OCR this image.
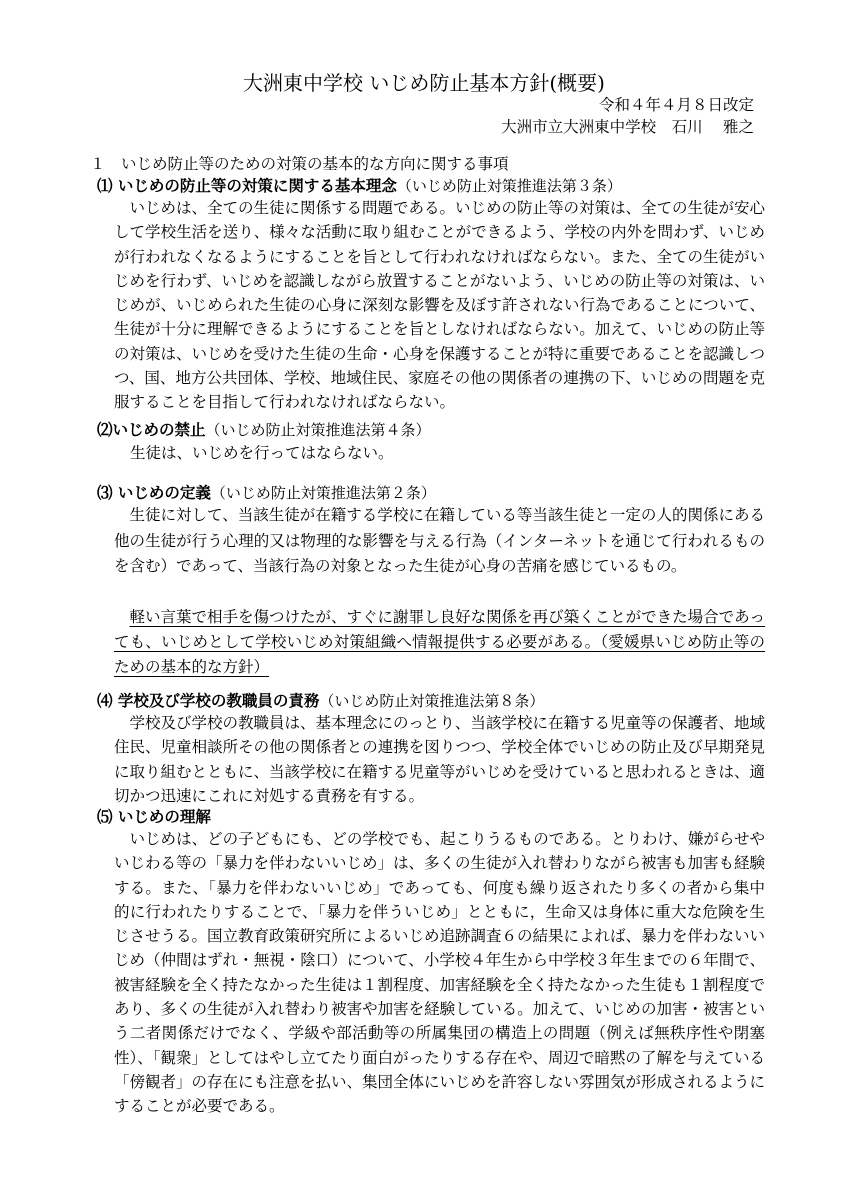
大洲東中学校 いじめ防止基本方針(概要)
令和４年４月８日改定
大洲市立大洲東中学校　石川　 雅之
１　いじめ防止等のための対策の基本的な方向に関する事項
⑴ いじめの防止等の対策に関する基本理念（いじめ防止対策推進法第３条）
いじめは、全ての生徒に関係する問題である。いじめの防止等の対策は、全ての生徒が安心して学校生活を送り、様々な活動に取り組むことができるよう、学校の内外を問わず、いじめが行われなくなるようにすることを旨として行われなければならない。また、全ての生徒がいじめを行わず、いじめを認識しながら放置することがないよう、いじめの防止等の対策は、いじめが、いじめられた生徒の心身に深刻な影響を及ぼす許されない行為であることについて、生徒が十分に理解できるようにすることを旨としなければならない。加えて、いじめの防止等の対策は、いじめを受けた生徒の生命・心身を保護することが特に重要であることを認識しつつ、国、地方公共団体、学校、地域住民、家庭その他の関係者の連携の下、いじめの問題を克服することを目指して行われなければならない。
⑵いじめの禁止（いじめ防止対策推進法第４条）
生徒は、いじめを行ってはならない。
⑶ いじめの定義（いじめ防止対策推進法第２条）
生徒に対して、当該生徒が在籍する学校に在籍している等当該生徒と一定の人的関係にある他の生徒が行う心理的又は物理的な影響を与える行為（インターネットを通じて行われるものを含む）であって、当該行為の対象となった生徒が心身の苦痛を感じているもの。
軽い言葉で相手を傷つけたが、すぐに謝罪し良好な関係を再び築くことができた場合であっても、いじめとして学校いじめ対策組織へ情報提供する必要がある。（愛媛県いじめ防止等のための基本的な方針）
⑷ 学校及び学校の教職員の責務（いじめ防止対策推進法第８条）
学校及び学校の教職員は、基本理念にのっとり、当該学校に在籍する児童等の保護者、地域住民、児童相談所その他の関係者との連携を図りつつ、学校全体でいじめの防止及び早期発見に取り組むとともに、当該学校に在籍する児童等がいじめを受けていると思われるときは、適切かつ迅速にこれに対処する責務を有する。
⑸ いじめの理解
いじめは、どの子どもにも、どの学校でも、起こりうるものである。とりわけ、嫌がらせやいじわる等の「暴力を伴わないいじめ」は、多くの生徒が入れ替わりながら被害も加害も経験する。また、「暴力を伴わないいじめ」であっても、何度も繰り返されたり多くの者から集中的に行われたりすることで、「暴力を伴ういじめ」とともに，生命又は身体に重大な危険を生じさせうる。国立教育政策研究所によるいじめ追跡調査６の結果によれば、暴力を伴わないいじめ（仲間はずれ・無視・陰口）について、小学校４年生から中学校３年生までの６年間で、被害経験を全く持たなかった生徒は１割程度、加害経験を全く持たなかった生徒も１割程度であり、多くの生徒が入れ替わり被害や加害を経験している。加えて、いじめの加害・被害という二者関係だけでなく、学級や部活動等の所属集団の構造上の問題（例えば無秩序性や閉塞性）、「観衆」としてはやし立てたり面白がったりする存在や、周辺で暗黙の了解を与えている「傍観者」の存在にも注意を払い、集団全体にいじめを許容しない雰囲気が形成されるようにすることが必要である。
